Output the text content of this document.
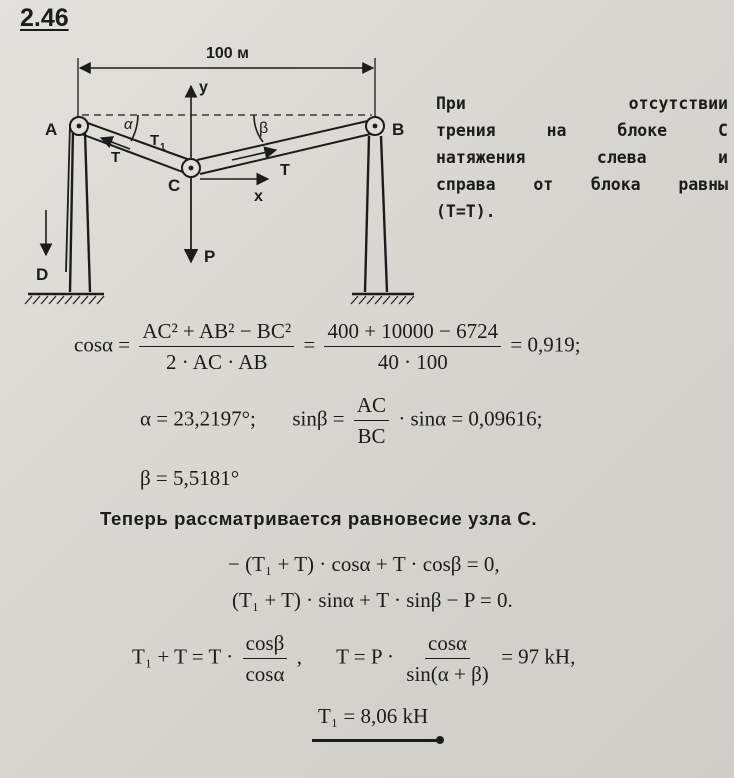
2.46
100 м
A	B
C
D
y
x
α	β
T 1
T
T
P
При отсутствии
трения на блоке С
натяжения слева и
справа от блока равны
(Т=Т).
$\cos\alpha = \frac{\text{AC² + AB² − BC²}}{2 \cdot AC \cdot AB} = \frac{400 + 10000 - 6724}{40 \cdot 100} = 0,919$;
α = 23,2197°; $\sin\beta = \frac{AC}{BC} \cdot \sin\alpha = 0,09616$;
β = 5,5181°
Теперь рассматривается равновесие узла С.
− (T₁ + T) · cosα + T · cosβ = 0,
(T₁ + T) · sinα + T · sinβ − P = 0.
$T_1 + T = T \cdot \frac{\cos\beta}{\cos\alpha}$ , $T = P \cdot \frac{\cos\alpha}{\sin(\alpha + \beta)} = 97$ kH,
T₁ = 8,06 kH
